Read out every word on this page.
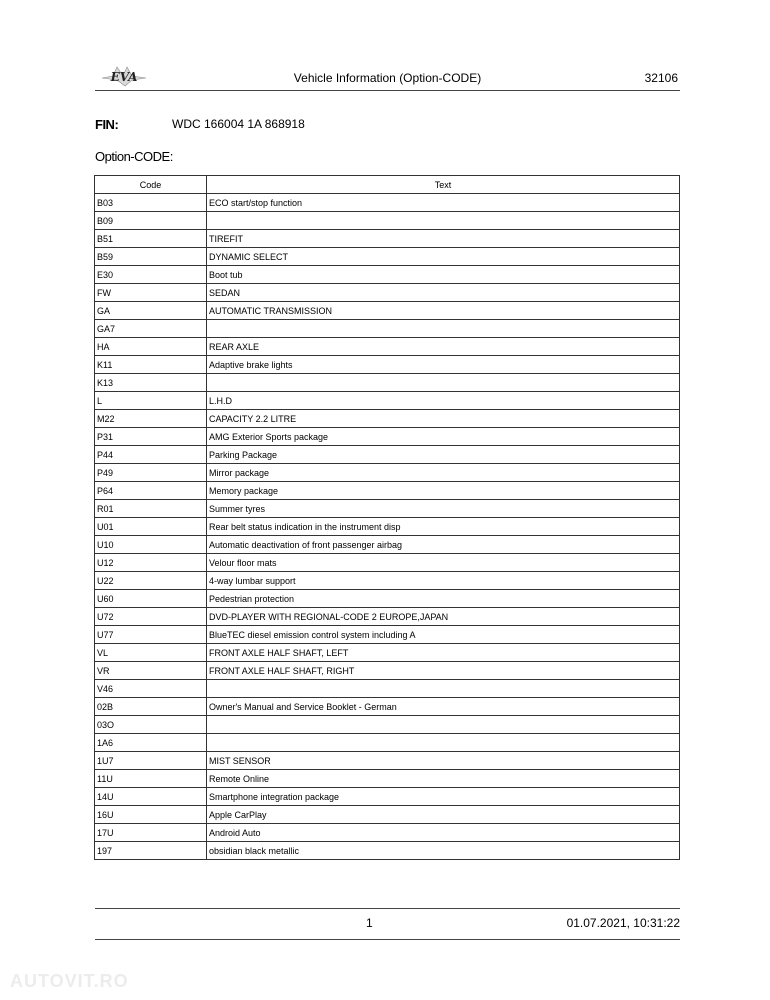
EVA	Vehicle Information (Option-CODE)	32106
FIN:	WDC 166004 1A 868918
Option-CODE:
Code	Text
B03	ECO start/stop function
B09	
B51	TIREFIT
B59	DYNAMIC SELECT
E30	Boot tub
FW	SEDAN
GA	AUTOMATIC TRANSMISSION
GA7	
HA	REAR AXLE
K11	Adaptive brake lights
K13	
L	L.H.D
M22	CAPACITY 2.2 LITRE
P31	AMG Exterior Sports package
P44	Parking Package
P49	Mirror package
P64	Memory package
R01	Summer tyres
U01	Rear belt status indication in the instrument disp
U10	Automatic deactivation of front passenger airbag
U12	Velour floor mats
U22	4-way lumbar support
U60	Pedestrian protection
U72	DVD-PLAYER WITH REGIONAL-CODE 2 EUROPE,JAPAN
U77	BlueTEC diesel emission control system including A
VL	FRONT AXLE HALF SHAFT, LEFT
VR	FRONT AXLE HALF SHAFT, RIGHT
V46	
02B	Owner's Manual and Service Booklet - German
03O	
1A6	
1U7	MIST SENSOR
11U	Remote Online
14U	Smartphone integration package
16U	Apple CarPlay
17U	Android Auto
197	obsidian black metallic
1	01.07.2021, 10:31:22
AUTOVIT.RO
